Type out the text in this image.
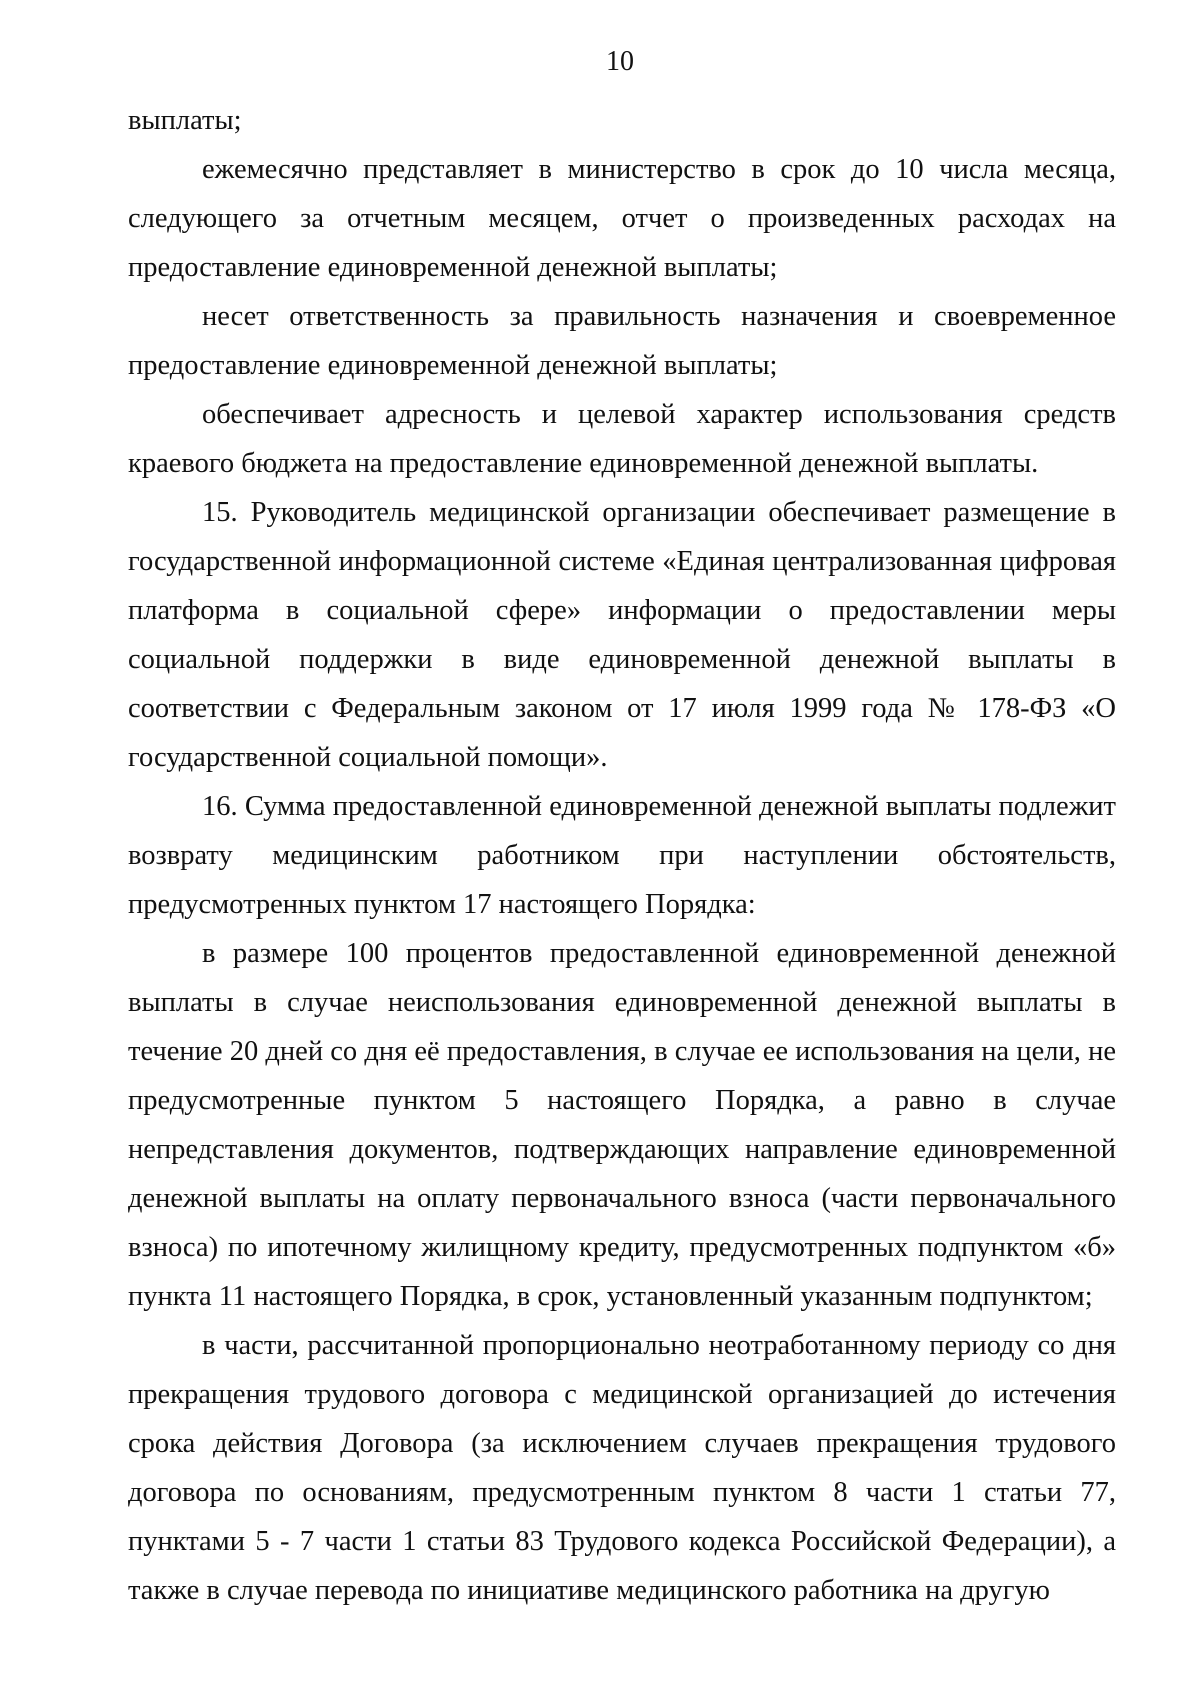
10

выплаты;

ежемесячно представляет в министерство в срок до 10 числа месяца, следующего за отчетным месяцем, отчет о произведенных расходах на предоставление единовременной денежной выплаты;

несет ответственность за правильность назначения и своевременное предоставление единовременной денежной выплаты;

обеспечивает адресность и целевой характер использования средств краевого бюджета на предоставление единовременной денежной выплаты.

15. Руководитель медицинской организации обеспечивает размещение в государственной информационной системе «Единая централизованная цифровая платформа в социальной сфере» информации о предоставлении меры социальной поддержки в виде единовременной денежной выплаты в соответствии с Федеральным законом от 17 июля 1999 года № 178-ФЗ «О государственной социальной помощи».

16. Сумма предоставленной единовременной денежной выплаты подлежит возврату медицинским работником при наступлении обстоятельств, предусмотренных пунктом 17 настоящего Порядка:

в размере 100 процентов предоставленной единовременной денежной выплаты в случае неиспользования единовременной денежной выплаты в течение 20 дней со дня её предоставления, в случае ее использования на цели, не предусмотренные пунктом 5 настоящего Порядка, а равно в случае непредставления документов, подтверждающих направление единовременной денежной выплаты на оплату первоначального взноса (части первоначального взноса) по ипотечному жилищному кредиту, предусмотренных подпунктом «б» пункта 11 настоящего Порядка, в срок, установленный указанным подпунктом;

в части, рассчитанной пропорционально неотработанному периоду со дня прекращения трудового договора с медицинской организацией до истечения срока действия Договора (за исключением случаев прекращения трудового договора по основаниям, предусмотренным пунктом 8 части 1 статьи 77, пунктами 5 - 7 части 1 статьи 83 Трудового кодекса Российской Федерации), а также в случае перевода по инициативе медицинского работника на другую
